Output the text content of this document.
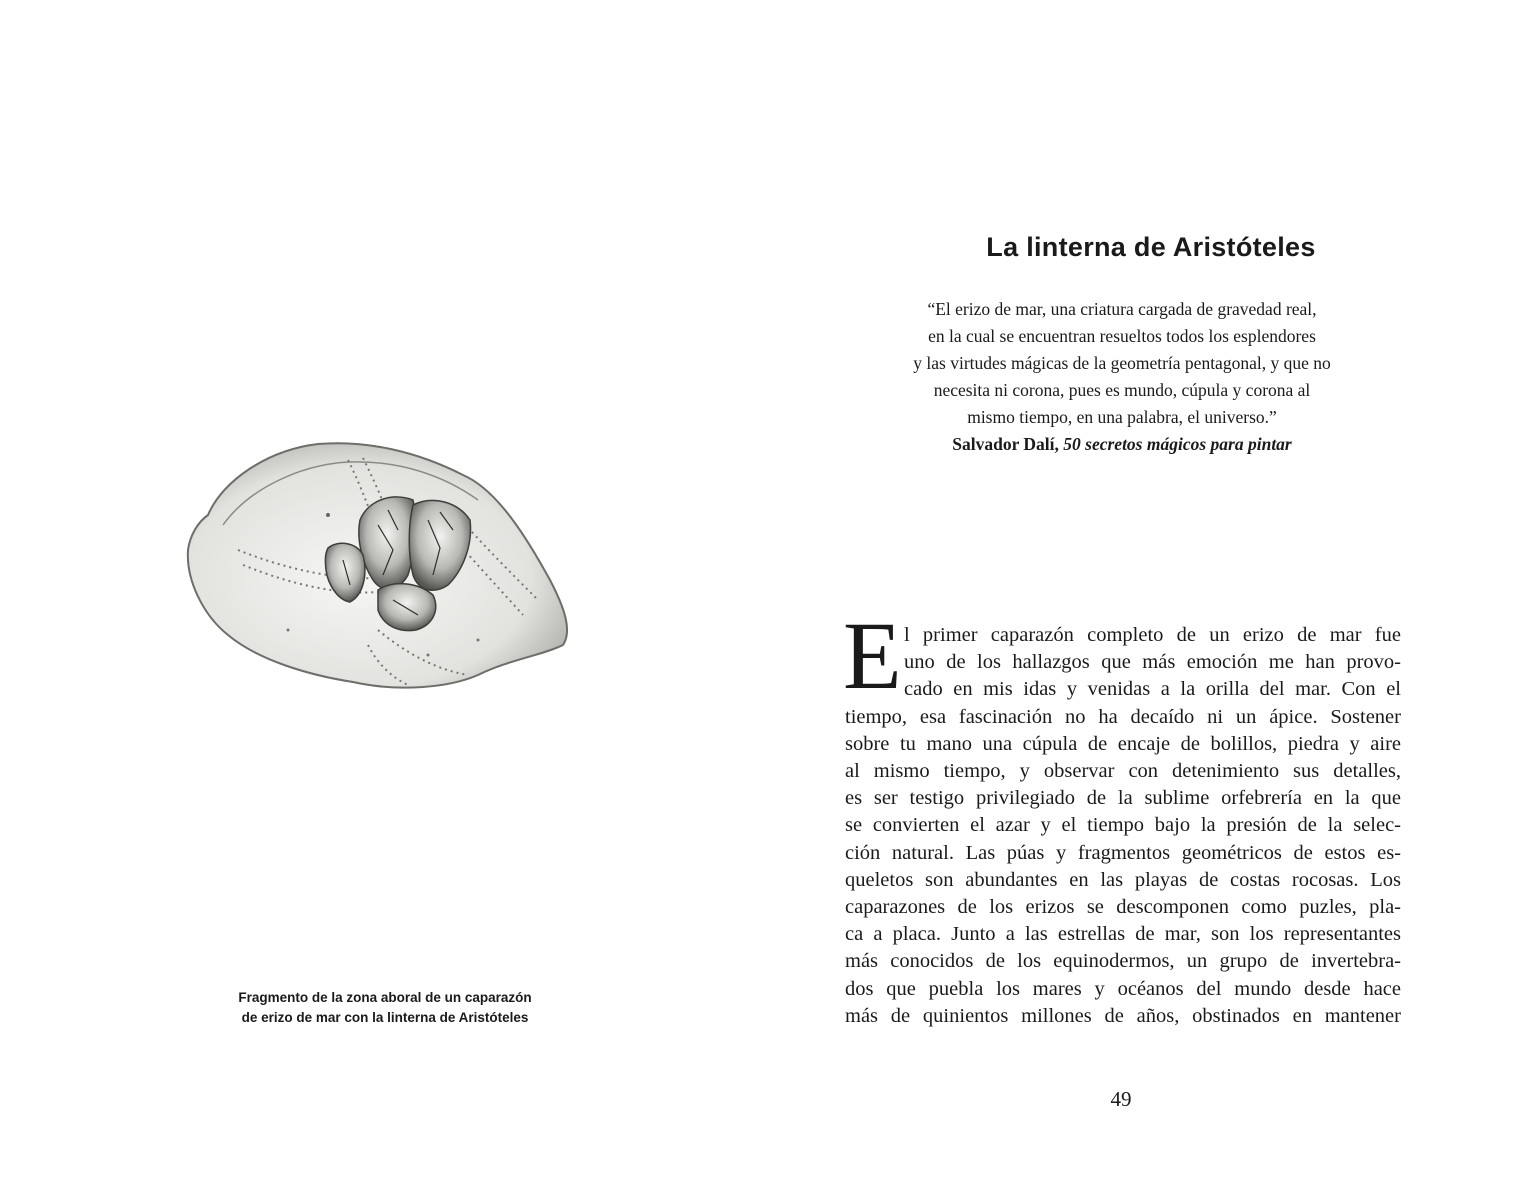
Fragmento de la zona aboral de un caparazón
de erizo de mar con la linterna de Aristóteles
La linterna de Aristóteles
“El erizo de mar, una criatura cargada de gravedad real,
en la cual se encuentran resueltos todos los esplendores
y las virtudes mágicas de la geometría pentagonal, y que no
necesita ni corona, pues es mundo, cúpula y corona al
mismo tiempo, en una palabra, el universo.”
Salvador Dalí, 50 secretos mágicos para pintar
E l primer caparazón completo de un erizo de mar fue
uno de los hallazgos que más emoción me han provo-
cado en mis idas y venidas a la orilla del mar. Con el
tiempo, esa fascinación no ha decaído ni un ápice. Sostener
sobre tu mano una cúpula de encaje de bolillos, piedra y aire
al mismo tiempo, y observar con detenimiento sus detalles,
es ser testigo privilegiado de la sublime orfebrería en la que
se convierten el azar y el tiempo bajo la presión de la selec-
ción natural. Las púas y fragmentos geométricos de estos es-
queletos son abundantes en las playas de costas rocosas. Los
caparazones de los erizos se descomponen como puzles, pla-
ca a placa. Junto a las estrellas de mar, son los representantes
más conocidos de los equinodermos, un grupo de invertebra-
dos que puebla los mares y océanos del mundo desde hace
más de quinientos millones de años, obstinados en mantener
49
